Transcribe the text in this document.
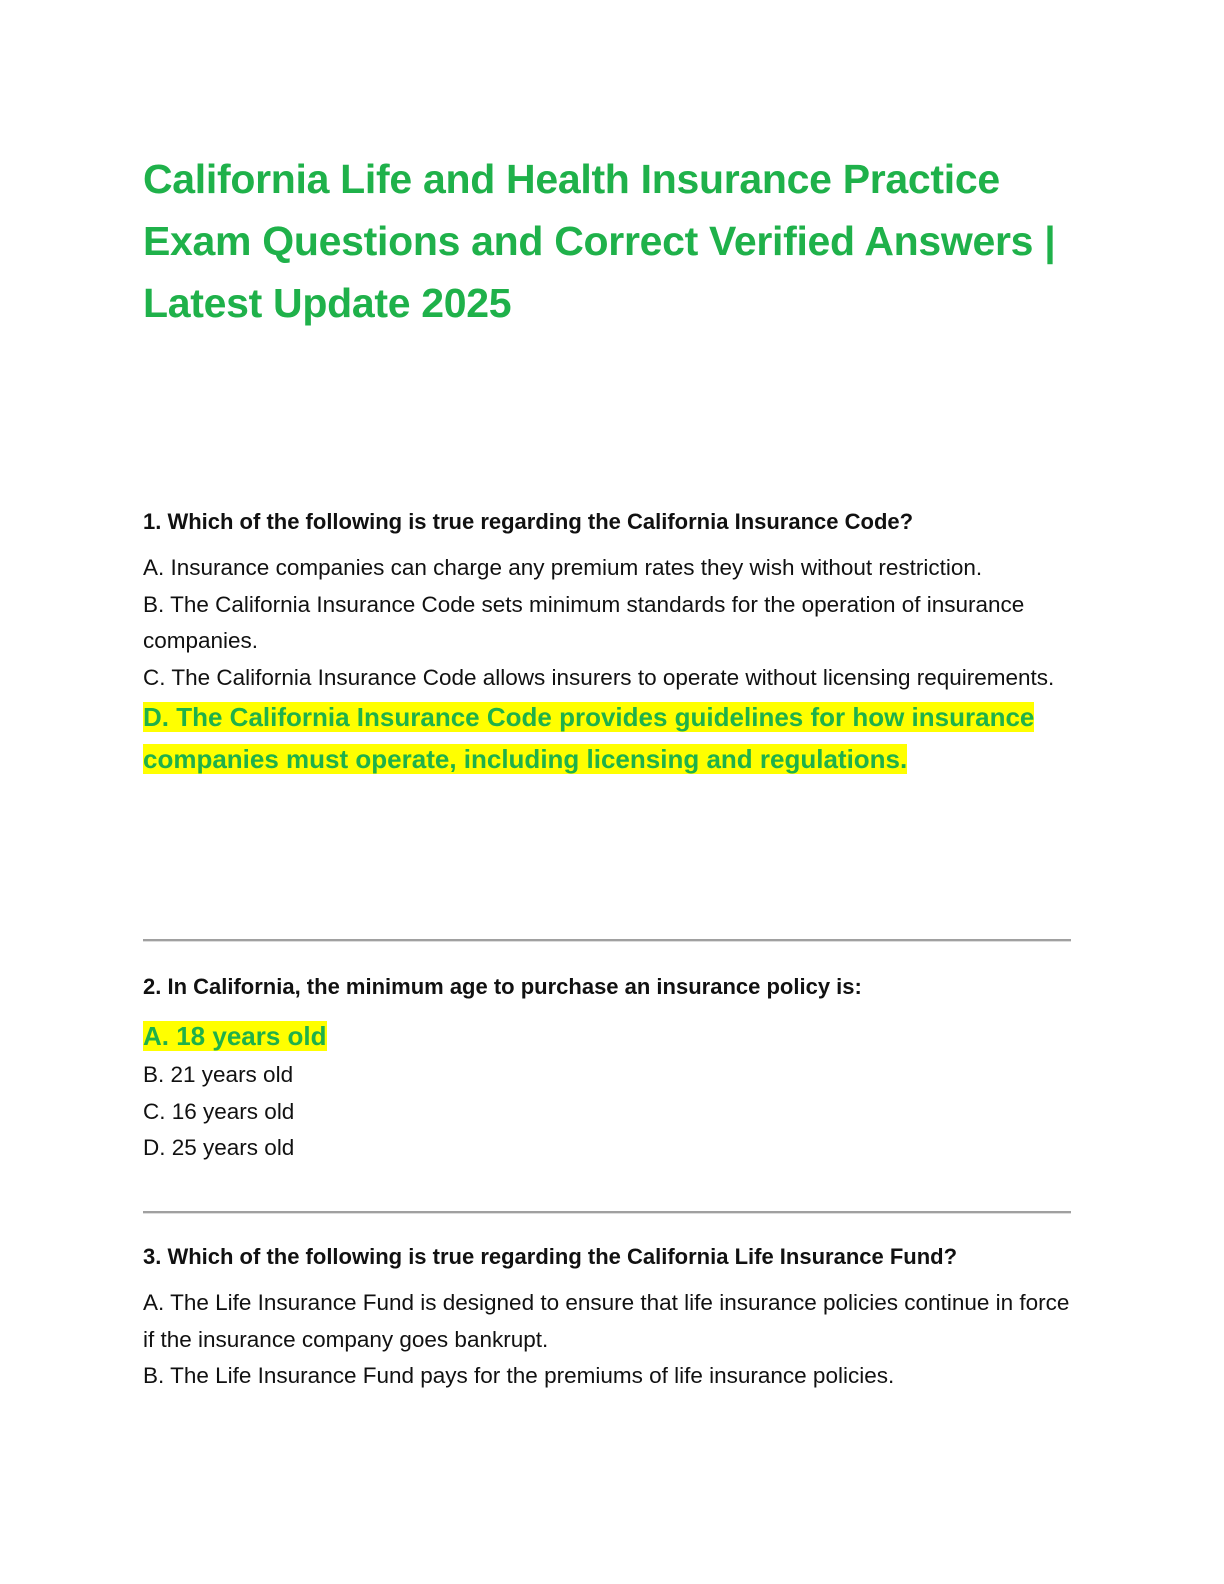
California Life and Health Insurance Practice Exam Questions and Correct Verified Answers | Latest Update 2025

1. Which of the following is true regarding the California Insurance Code?

A. Insurance companies can charge any premium rates they wish without restriction.

B. The California Insurance Code sets minimum standards for the operation of insurance companies.

C. The California Insurance Code allows insurers to operate without licensing requirements.

D. The California Insurance Code provides guidelines for how insurance companies must operate, including licensing and regulations.

2. In California, the minimum age to purchase an insurance policy is:

A. 18 years old

B. 21 years old

C. 16 years old

D. 25 years old

3. Which of the following is true regarding the California Life Insurance Fund?

A. The Life Insurance Fund is designed to ensure that life insurance policies continue in force if the insurance company goes bankrupt.

B. The Life Insurance Fund pays for the premiums of life insurance policies.
